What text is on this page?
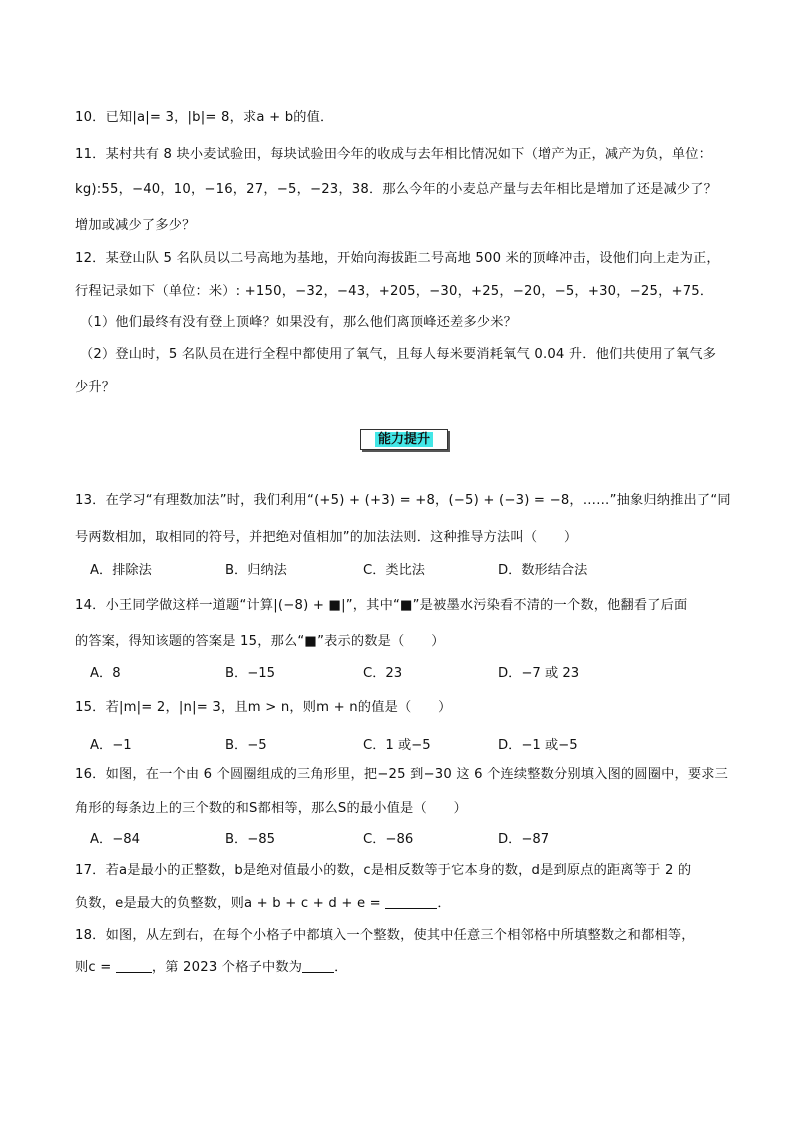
10．已知|a|= 3，|b|= 8，求a + b的值．
11．某村共有 8 块小麦试验田，每块试验田今年的收成与去年相比情况如下（增产为正，减产为负，单位：
kg):55，−40，10，−16，27，−5，−23，38．那么今年的小麦总产量与去年相比是增加了还是减少了？
增加或减少了多少？
12．某登山队 5 名队员以二号高地为基地，开始向海拔距二号高地 500 米的顶峰冲击，设他们向上走为正，
行程记录如下（单位：米）: +150，−32，−43，+205，−30，+25，−20，−5，+30，−25，+75．
（1）他们最终有没有登上顶峰？如果没有，那么他们离顶峰还差多少米？
（2）登山时，5 名队员在进行全程中都使用了氧气，且每人每米要消耗氧气 0.04 升．他们共使用了氧气多
少升？
能力提升
13．在学习“有理数加法”时，我们利用“(+5) + (+3) = +8，(−5) + (−3) = −8，……”抽象归纳推出了“同
号两数相加，取相同的符号，并把绝对值相加”的加法法则．这种推导方法叫（　　）
A．排除法	B．归纳法	C．类比法	D．数形结合法
14．小王同学做这样一道题“计算|(−8) + ■|”，其中“■”是被墨水污染看不清的一个数，他翻看了后面
的答案，得知该题的答案是 15，那么“■”表示的数是（　　）
A．8	B．−15	C．23	D．−7 或 23
15．若|m|= 2，|n|= 3，且m > n，则m + n的值是（　　）
A．−1	B．−5	C．1 或−5	D．−1 或−5
16．如图，在一个由 6 个圆圈组成的三角形里，把−25 到−30 这 6 个连续整数分别填入图的圆圈中，要求三
角形的每条边上的三个数的和S都相等，那么S的最小值是（　　）
A．−84	B．−85	C．−86	D．−87
17．若a是最小的正整数，b是绝对值最小的数，c是相反数等于它本身的数，d是到原点的距离等于 2 的
负数，e是最大的负整数，则a + b + c + d + e =	．
18．如图，从左到右，在每个小格子中都填入一个整数，使其中任意三个相邻格中所填整数之和都相等，
则c =	，第 2023 个格子中数为 ．
